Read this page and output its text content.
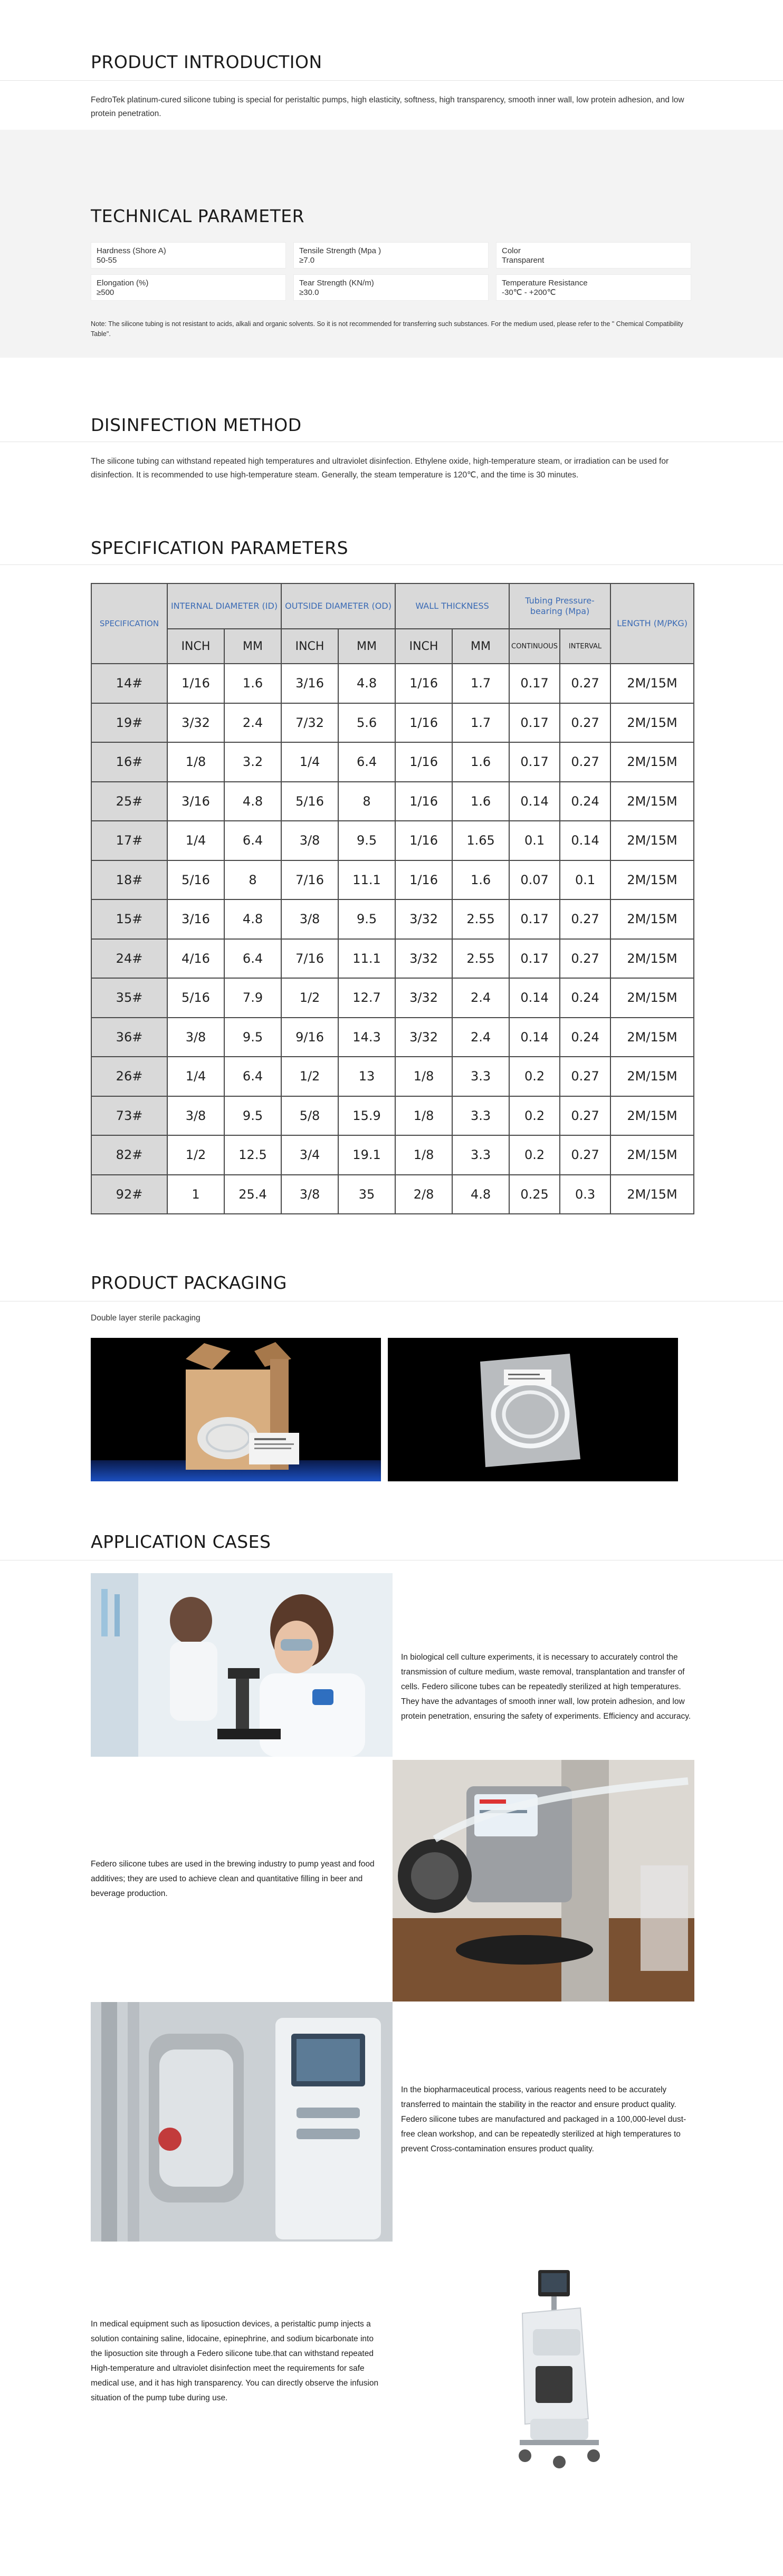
PRODUCT INTRODUCTION
FedroTek platinum-cured silicone tubing is special for peristaltic pumps, high elasticity, softness, high transparency, smooth inner wall, low protein adhesion, and low protein penetration.
TECHNICAL PARAMETER
Hardness (Shore A)
50-55
Tensile Strength (Mpa )
≥7.0
Color
Transparent
Elongation (%)
≥500
Tear Strength (KN/m)
≥30.0
Temperature Resistance
-30℃ - +200℃
Note: The silicone tubing is not resistant to acids, alkali and organic solvents. So it is not recommended for transferring such substances. For the medium used, please refer to the " Chemical Compatibility Table".
DISINFECTION METHOD
The silicone tubing can withstand repeated high temperatures and ultraviolet disinfection. Ethylene oxide, high-temperature steam, or irradiation can be used for disinfection. It is recommended to use high-temperature steam. Generally, the steam temperature is 120℃, and the time is 30 minutes.
SPECIFICATION PARAMETERS
SPECIFICATION	INTERNAL DIAMETER (ID)		OUTSIDE DIAMETER (OD)		WALL THICKNESS		Tubing Pressure-bearing (Mpa)		LENGTH (M/PKG)
	INCH	MM	INCH	MM	INCH	MM	CONTINUOUS	INTERVAL	
14#	1/16	1.6	3/16	4.8	1/16	1.7	0.17	0.27	2M/15M
19#	3/32	2.4	7/32	5.6	1/16	1.7	0.17	0.27	2M/15M
16#	1/8	3.2	1/4	6.4	1/16	1.6	0.17	0.27	2M/15M
25#	3/16	4.8	5/16	8	1/16	1.6	0.14	0.24	2M/15M
17#	1/4	6.4	3/8	9.5	1/16	1.65	0.1	0.14	2M/15M
18#	5/16	8	7/16	11.1	1/16	1.6	0.07	0.1	2M/15M
15#	3/16	4.8	3/8	9.5	3/32	2.55	0.17	0.27	2M/15M
24#	4/16	6.4	7/16	11.1	3/32	2.55	0.17	0.27	2M/15M
35#	5/16	7.9	1/2	12.7	3/32	2.4	0.14	0.24	2M/15M
36#	3/8	9.5	9/16	14.3	3/32	2.4	0.14	0.24	2M/15M
26#	1/4	6.4	1/2	13	1/8	3.3	0.2	0.27	2M/15M
73#	3/8	9.5	5/8	15.9	1/8	3.3	0.2	0.27	2M/15M
82#	1/2	12.5	3/4	19.1	1/8	3.3	0.2	0.27	2M/15M
92#	1	25.4	3/8	35	2/8	4.8	0.25	0.3	2M/15M
PRODUCT PACKAGING
Double layer sterile packaging
APPLICATION CASES
In biological cell culture experiments, it is necessary to accurately control the transmission of culture medium, waste removal, transplantation and transfer of cells. Federo silicone tubes can be repeatedly sterilized at high temperatures. They have the advantages of smooth inner wall, low protein adhesion, and low protein penetration, ensuring the safety of experiments. Efficiency and accuracy.
Federo silicone tubes are used in the brewing industry to pump yeast and food additives; they are used to achieve clean and quantitative filling in beer and beverage production.
In the biopharmaceutical process, various reagents need to be accurately transferred to maintain the stability in the reactor and ensure product quality. Federo silicone tubes are manufactured and packaged in a 100,000-level dust-free clean workshop, and can be repeatedly sterilized at high temperatures to prevent Cross-contamination ensures product quality.
In medical equipment such as liposuction devices, a peristaltic pump injects a solution containing saline, lidocaine, epinephrine, and sodium bicarbonate into the liposuction site through a Federo silicone tube.that can withstand repeated High-temperature and ultraviolet disinfection meet the requirements for safe medical use, and it has high transparency. You can directly observe the infusion situation of the pump tube during use.
